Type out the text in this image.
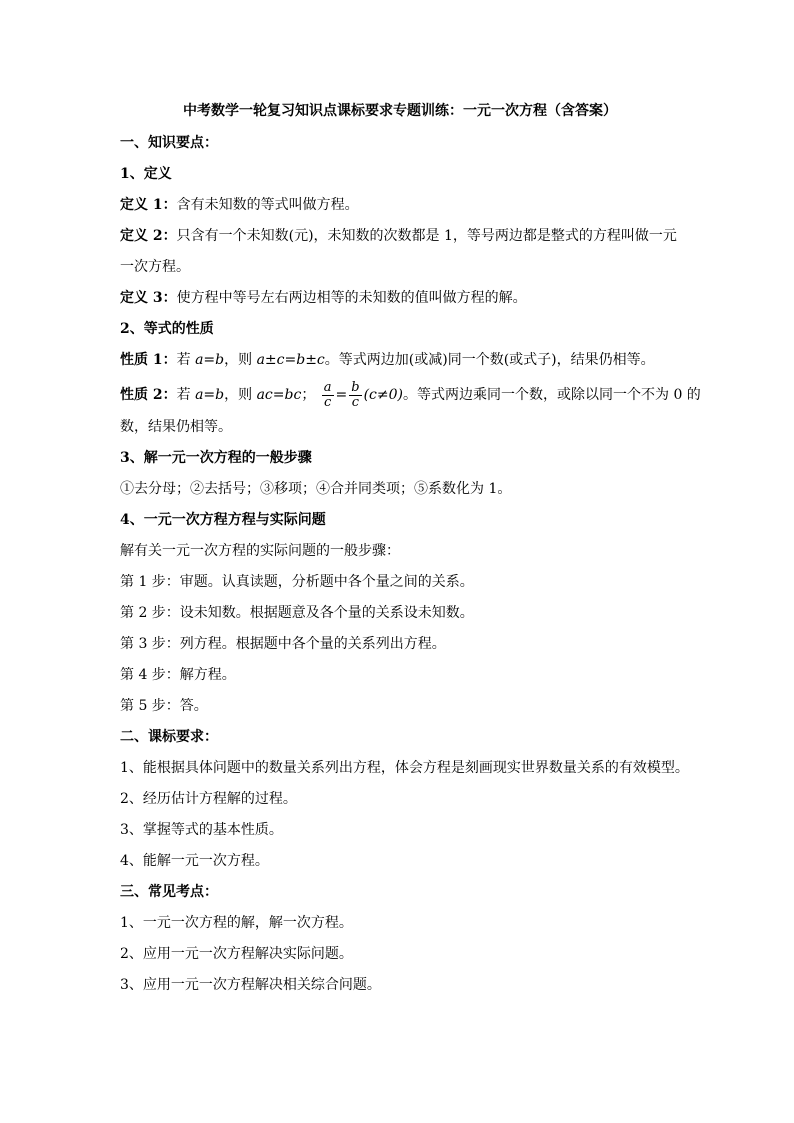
中考数学一轮复习知识点课标要求专题训练：一元一次方程（含答案）
一、知识要点：
1、定义
定义 1：含有未知数的等式叫做方程。
定义 2：只含有一个未知数(元)，未知数的次数都是 1，等号两边都是整式的方程叫做一元
一次方程。
定义 3：使方程中等号左右两边相等的未知数的值叫做方程的解。
2、等式的性质
性质 1：若 a=b，则 a±c=b±c。等式两边加(或减)同一个数(或式子)，结果仍相等。
性质 2：若 a=b，则 ac=bc； $\frac{a}{c} = \frac{b}{c} (c\ne 0)$。等式两边乘同一个数，或除以同一个不为 0 的
数，结果仍相等。
3、解一元一次方程的一般步骤
①去分母；②去括号；③移项；④合并同类项；⑤系数化为 1。
4、一元一次方程方程与实际问题
解有关一元一次方程的实际问题的一般步骤：
第 1 步：审题。认真读题，分析题中各个量之间的关系。
第 2 步：设未知数。根据题意及各个量的关系设未知数。
第 3 步：列方程。根据题中各个量的关系列出方程。
第 4 步：解方程。
第 5 步：答。
二、课标要求：
1、能根据具体问题中的数量关系列出方程，体会方程是刻画现实世界数量关系的有效模型。
2、经历估计方程解的过程。
3、掌握等式的基本性质。
4、能解一元一次方程。
三、常见考点：
1、一元一次方程的解，解一次方程。
2、应用一元一次方程解决实际问题。
3、应用一元一次方程解决相关综合问题。
